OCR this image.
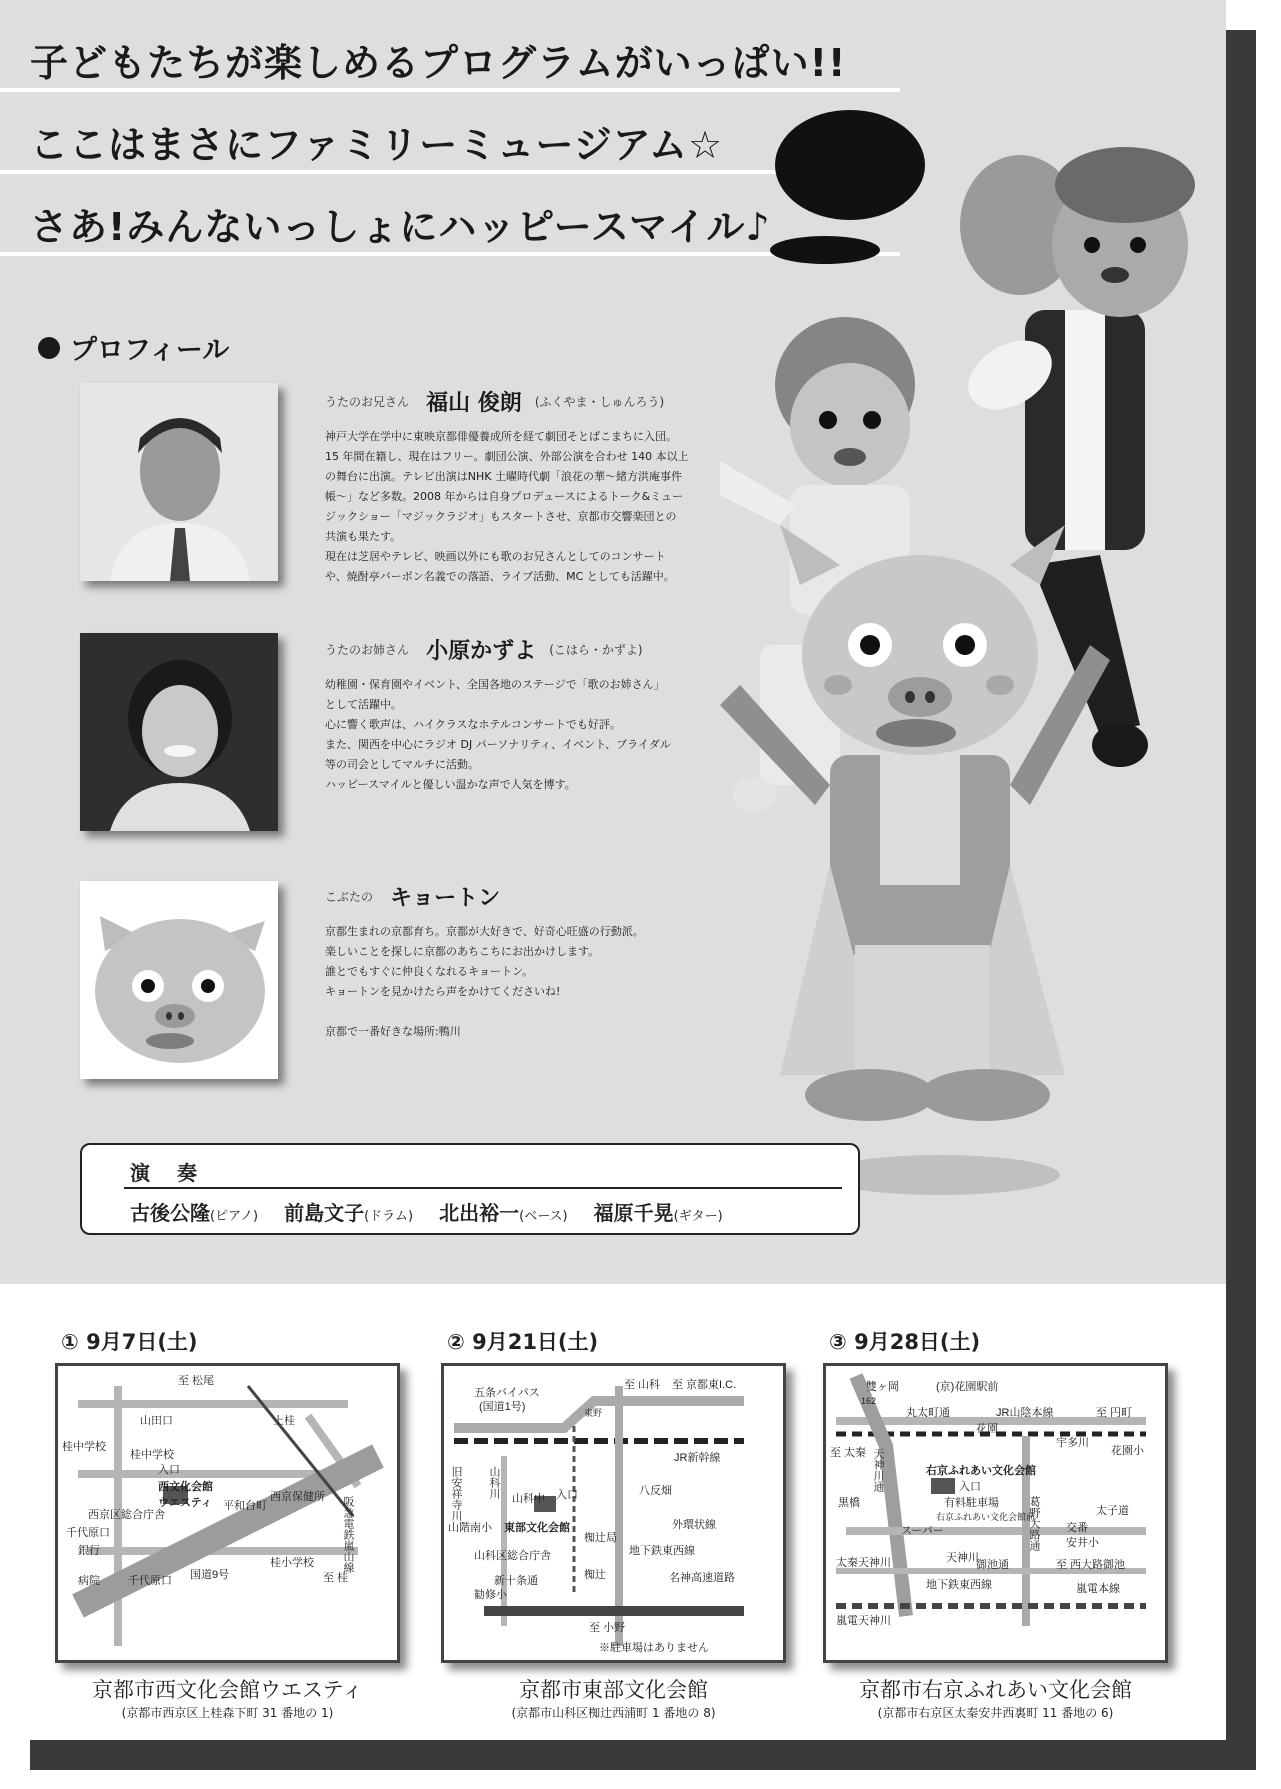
子どもたちが楽しめるプログラムがいっぱい!!
ここはまさにファミリーミュージアム☆
さあ!みんないっしょにハッピースマイル♪
プロフィール
うたのお兄さん 福山 俊朗 (ふくやま・しゅんろう)

神戸大学在学中に東映京都俳優養成所を経て劇団そとばこまちに入団。

15 年間在籍し、現在はフリー。劇団公演、外部公演を合わせ 140 本以上

の舞台に出演。テレビ出演はNHK 土曜時代劇「浪花の華〜緒方洪庵事件

帳〜」など多数。2008 年からは自身プロデュースによるトーク&ミュー

ジックショー「マジックラジオ」もスタートさせ、京都市交響楽団との

共演も果たす。

現在は芝居やテレビ、映画以外にも歌のお兄さんとしてのコンサート

や、焼酎亭バーボン名義での落語、ライブ活動、MC としても活躍中。

うたのお姉さん 小原かずよ (こはら・かずよ)

幼稚園・保育園やイベント、全国各地のステージで「歌のお姉さん」

として活躍中。

心に響く歌声は、ハイクラスなホテルコンサートでも好評。

また、関西を中心にラジオ DJ パーソナリティ、イベント、ブライダル

等の司会としてマルチに活動。

ハッピースマイルと優しい温かな声で人気を博す。

こぶたの キョートン

京都生まれの京都育ち。京都が大好きで、好奇心旺盛の行動派。

楽しいことを探しに京都のあちこちにお出かけします。

誰とでもすぐに仲良くなれるキョートン。

キョートンを見かけたら声をかけてくださいね!

京都で一番好きな場所:鴨川

演 奏
古後公隆(ピアノ) 前島文子(ドラム) 北出裕一(ベース) 福原千晃(ギター)
① 9月7日(土)
至 松尾
山田口	上桂
桂中学校
桂中学校
入口
西文化会館
ウエスティ 平和台町
西京保健所
西京区総合庁舎
千代原口
銀行
国道9号
病院	千代原口
桂小学校
至 桂
阪急電鉄嵐山線
京都市西文化会館ウエスティ
(京都市西京区上桂森下町 31 番地の 1)
② 9月21日(土)
五条バイパス
(国道1号)
至 山科 至 京都東I.C.
東野
JR新幹線
旧安祥寺川 山科川 山科中 入口	八反畑
山階南小 東部文化会館
椥辻局
外環状線
山科区総合庁舎	地下鉄東西線
新十条通	椥辻	名神高速道路
勧修小
至 小野
※駐車場はありません
京都市東部文化会館
(京都市山科区椥辻西浦町 1 番地の 8)
③ 9月28日(土)
雙ヶ岡	(京)花園駅前
162
丸太町通	JR山陰本線	至 円町
花園
宇多川
至 太秦 天神川通	花園小
右京ふれあい文化会館
入口
黒橋	有料駐車場
右京ふれあい文化会館前	太子道
スーパー	葛野大路通 交番
安井小
天神川
太秦天神川	御池通	至 西大路御池
地下鉄東西線	嵐電本線
嵐電天神川
京都市右京ふれあい文化会館
(京都市右京区太秦安井西裏町 11 番地の 6)
